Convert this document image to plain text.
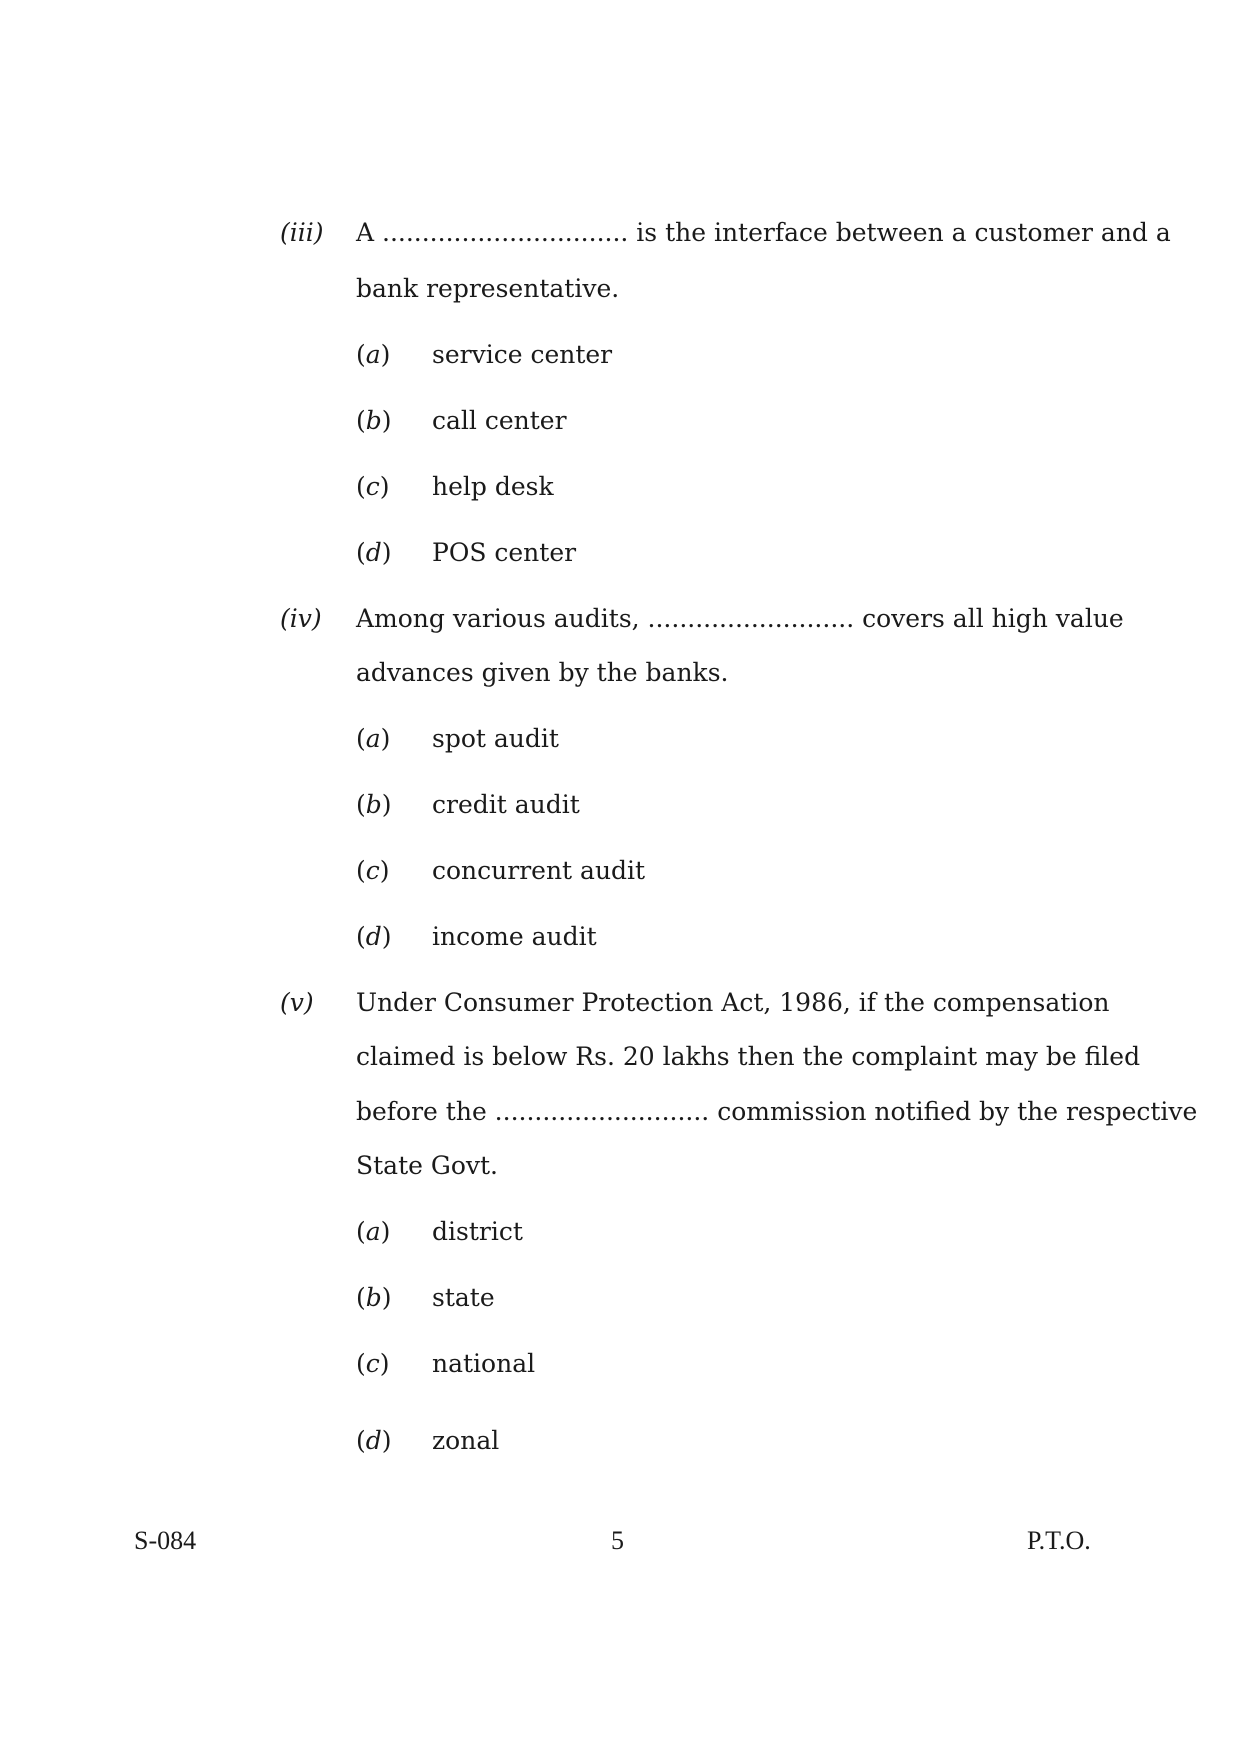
(iii) A ............................... is the interface between a customer and a
bank representative.
(a) service center
(b) call center
(c) help desk
(d) POS center
(iv) Among various audits, .......................... covers all high value
advances given by the banks.
(a) spot audit
(b) credit audit
(c) concurrent audit
(d) income audit
(v) Under Consumer Protection Act, 1986, if the compensation
claimed is below Rs. 20 lakhs then the complaint may be filed
before the ........................... commission notified by the respective
State Govt.
(a) district
(b) state
(c) national
(d) zonal
S-084	5	P.T.O.
